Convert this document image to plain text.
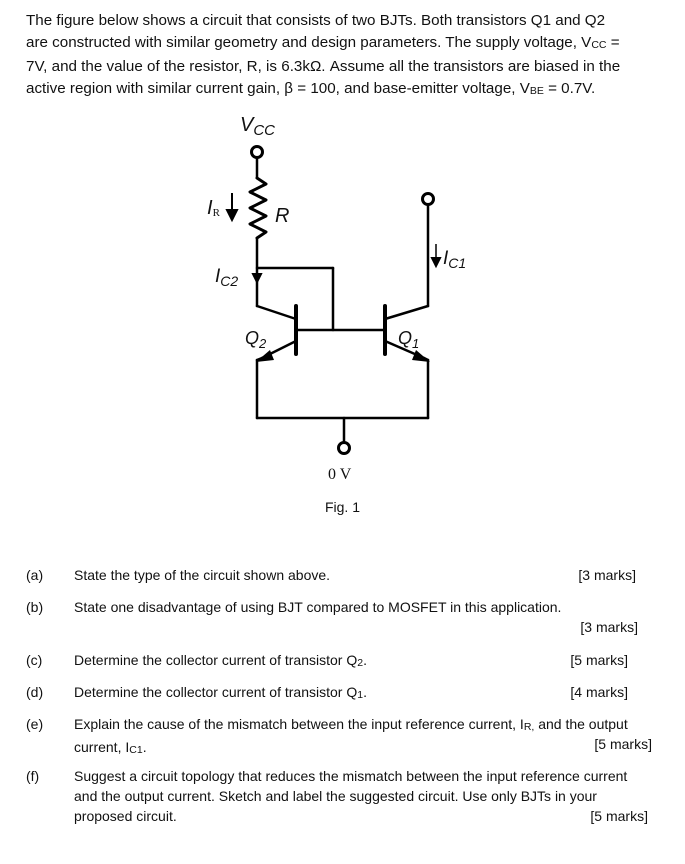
The figure below shows a circuit that consists of two BJTs. Both transistors Q1 and Q2
are constructed with similar geometry and design parameters. The supply voltage, VCC =
7V, and the value of the resistor, R, is 6.3kΩ. Assume all the transistors are biased in the
active region with similar current gain, β = 100, and base-emitter voltage, VBE = 0.7V.
$V_{CC}$
IR	R
$I_{C2}$
$I_{C1}$
$Q_2$	$Q_1$
0 V
Fig. 1
(a) State the type of the circuit shown above.	[3 marks]
(b) State one disadvantage of using BJT compared to MOSFET in this application.
[3 marks]
(c) Determine the collector current of transistor Q2.	[5 marks]
(d) Determine the collector current of transistor Q1.	[4 marks]
(e) Explain the cause of the mismatch between the input reference current, IR, and the output
current, IC1.	[5 marks]
(f) Suggest a circuit topology that reduces the mismatch between the input reference current
and the output current. Sketch and label the suggested circuit. Use only BJTs in your
proposed circuit.	[5 marks]
